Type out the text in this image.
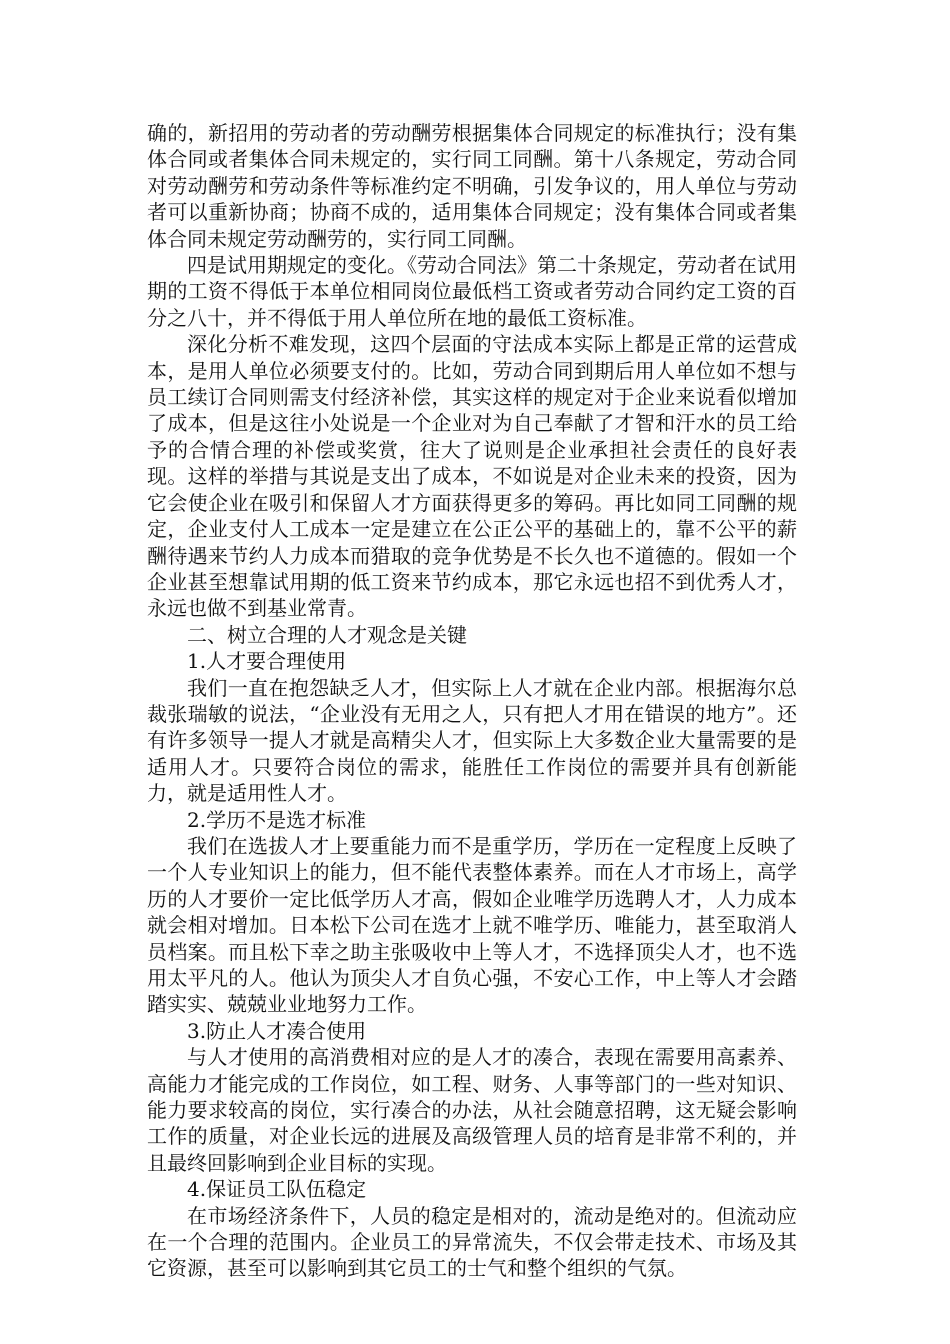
确的，新招用的劳动者的劳动酬劳根据集体合同规定的标准执行；没有集体合同或者集体合同未规定的，实行同工同酬。第十八条规定，劳动合同对劳动酬劳和劳动条件等标准约定不明确，引发争议的，用人单位与劳动者可以重新协商；协商不成的，适用集体合同规定；没有集体合同或者集体合同未规定劳动酬劳的，实行同工同酬。

四是试用期规定的变化。《劳动合同法》第二十条规定，劳动者在试用期的工资不得低于本单位相同岗位最低档工资或者劳动合同约定工资的百分之八十，并不得低于用人单位所在地的最低工资标准。

深化分析不难发现，这四个层面的守法成本实际上都是正常的运营成本，是用人单位必须要支付的。比如，劳动合同到期后用人单位如不想与员工续订合同则需支付经济补偿，其实这样的规定对于企业来说看似增加了成本，但是这往小处说是一个企业对为自己奉献了才智和汗水的员工给予的合情合理的补偿或奖赏，往大了说则是企业承担社会责任的良好表现。这样的举措与其说是支出了成本，不如说是对企业未来的投资，因为它会使企业在吸引和保留人才方面获得更多的筹码。再比如同工同酬的规定，企业支付人工成本一定是建立在公正公平的基础上的，靠不公平的薪酬待遇来节约人力成本而猎取的竞争优势是不长久也不道德的。假如一个企业甚至想靠试用期的低工资来节约成本，那它永远也招不到优秀人才，永远也做不到基业常青。

二、树立合理的人才观念是关键

1.人才要合理使用

我们一直在抱怨缺乏人才，但实际上人才就在企业内部。根据海尔总裁张瑞敏的说法，“企业没有无用之人，只有把人才用在错误的地方”。还有许多领导一提人才就是高精尖人才，但实际上大多数企业大量需要的是适用人才。只要符合岗位的需求，能胜任工作岗位的需要并具有创新能力，就是适用性人才。

2.学历不是选才标准

我们在选拔人才上要重能力而不是重学历，学历在一定程度上反映了一个人专业知识上的能力，但不能代表整体素养。而在人才市场上，高学历的人才要价一定比低学历人才高，假如企业唯学历选聘人才，人力成本就会相对增加。日本松下公司在选才上就不唯学历、唯能力，甚至取消人员档案。而且松下幸之助主张吸收中上等人才，不选择顶尖人才，也不选用太平凡的人。他认为顶尖人才自负心强，不安心工作，中上等人才会踏踏实实、兢兢业业地努力工作。

3.防止人才凑合使用

与人才使用的高消费相对应的是人才的凑合，表现在需要用高素养、高能力才能完成的工作岗位，如工程、财务、人事等部门的一些对知识、能力要求较高的岗位，实行凑合的办法，从社会随意招聘，这无疑会影响工作的质量，对企业长远的进展及高级管理人员的培育是非常不利的，并且最终回影响到企业目标的实现。

4.保证员工队伍稳定

在市场经济条件下，人员的稳定是相对的，流动是绝对的。但流动应在一个合理的范围内。企业员工的异常流失，不仅会带走技术、市场及其它资源，甚至可以影响到其它员工的士气和整个组织的气氛。
